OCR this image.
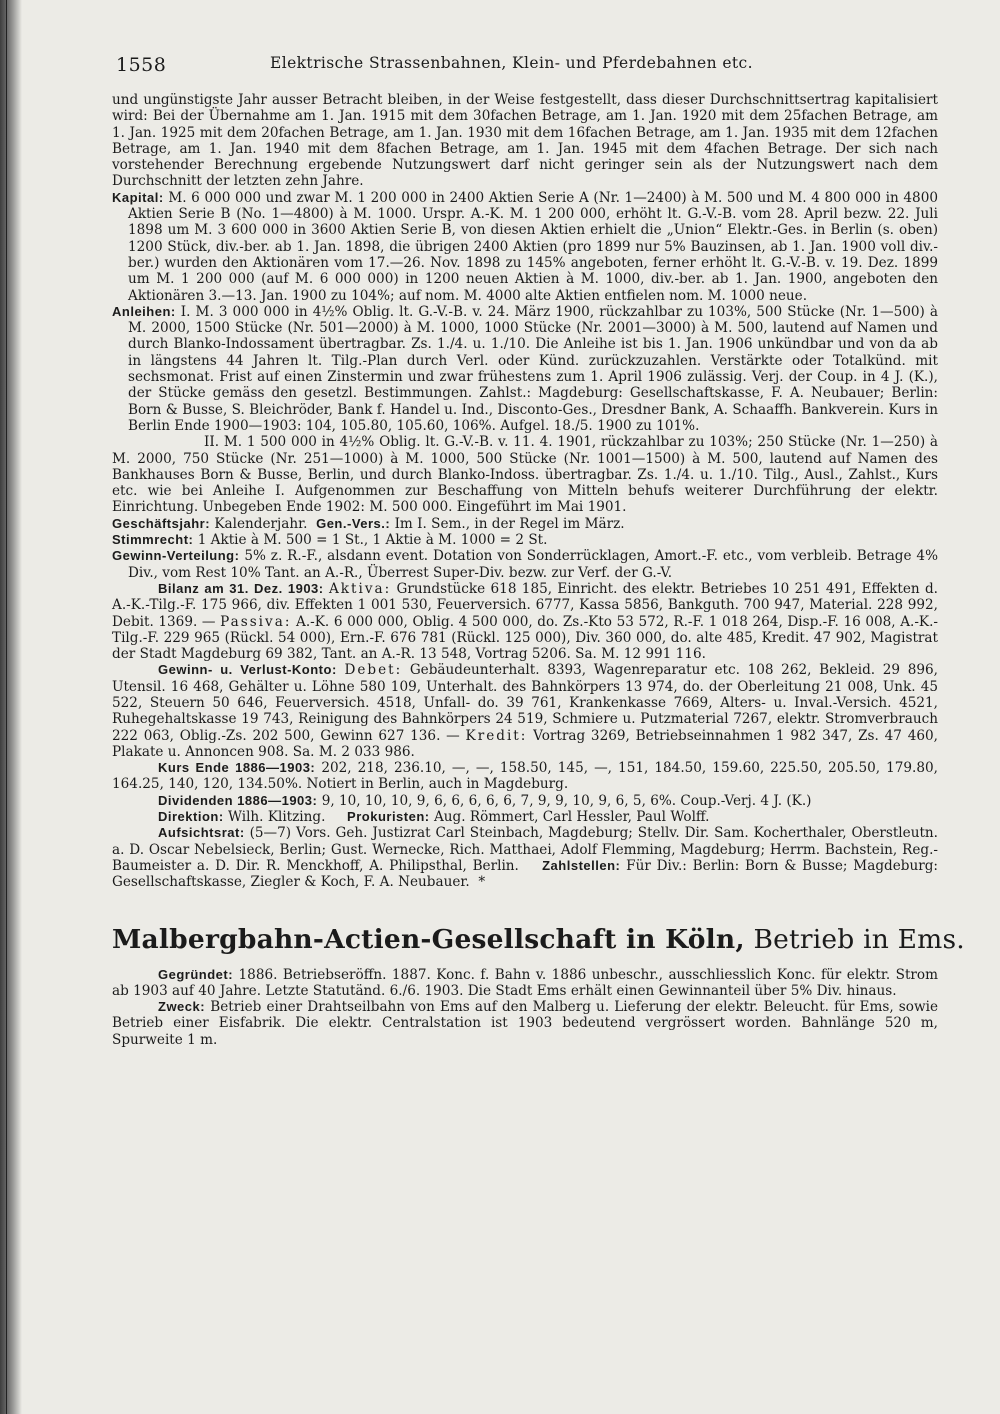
1558	Elektrische Strassenbahnen, Klein- und Pferdebahnen etc.

und ungünstigste Jahr ausser Betracht bleiben, in der Weise festgestellt, dass dieser Durchschnittsertrag kapitalisiert wird: Bei der Übernahme am 1. Jan. 1915 mit dem 30fachen Betrage, am 1. Jan. 1920 mit dem 25fachen Betrage, am 1. Jan. 1925 mit dem 20fachen Betrage, am 1. Jan. 1930 mit dem 16fachen Betrage, am 1. Jan. 1935 mit dem 12fachen Betrage, am 1. Jan. 1940 mit dem 8fachen Betrage, am 1. Jan. 1945 mit dem 4fachen Betrage. Der sich nach vorstehender Berechnung ergebende Nutzungswert darf nicht geringer sein als der Nutzungswert nach dem Durchschnitt der letzten zehn Jahre.

Kapital: M. 6 000 000 und zwar M. 1 200 000 in 2400 Aktien Serie A (Nr. 1—2400) à M. 500 und M. 4 800 000 in 4800 Aktien Serie B (No. 1—4800) à M. 1000. Urspr. A.-K. M. 1 200 000, erhöht lt. G.-V.-B. vom 28. April bezw. 22. Juli 1898 um M. 3 600 000 in 3600 Aktien Serie B, von diesen Aktien erhielt die „Union“ Elektr.-Ges. in Berlin (s. oben) 1200 Stück, div.-ber. ab 1. Jan. 1898, die übrigen 2400 Aktien (pro 1899 nur 5% Bauzinsen, ab 1. Jan. 1900 voll div.-ber.) wurden den Aktionären vom 17.—26. Nov. 1898 zu 145% angeboten, ferner erhöht lt. G.-V.-B. v. 19. Dez. 1899 um M. 1 200 000 (auf M. 6 000 000) in 1200 neuen Aktien à M. 1000, div.-ber. ab 1. Jan. 1900, angeboten den Aktionären 3.—13. Jan. 1900 zu 104%; auf nom. M. 4000 alte Aktien entfielen nom. M. 1000 neue.

Anleihen: I. M. 3 000 000 in 4½% Oblig. lt. G.-V.-B. v. 24. März 1900, rückzahlbar zu 103%, 500 Stücke (Nr. 1—500) à M. 2000, 1500 Stücke (Nr. 501—2000) à M. 1000, 1000 Stücke (Nr. 2001—3000) à M. 500, lautend auf Namen und durch Blanko-Indossament übertragbar. Zs. 1./4. u. 1./10. Die Anleihe ist bis 1. Jan. 1906 unkündbar und von da ab in längstens 44 Jahren lt. Tilg.-Plan durch Verl. oder Künd. zurückzuzahlen. Verstärkte oder Totalkünd. mit sechsmonat. Frist auf einen Zinstermin und zwar frühestens zum 1. April 1906 zulässig. Verj. der Coup. in 4 J. (K.), der Stücke gemäss den gesetzl. Bestimmungen. Zahlst.: Magdeburg: Gesellschaftskasse, F. A. Neubauer; Berlin: Born & Busse, S. Bleichröder, Bank f. Handel u. Ind., Disconto-Ges., Dresdner Bank, A. Schaaffh. Bankverein. Kurs in Berlin Ende 1900—1903: 104, 105.80, 105.60, 106%. Aufgel. 18./5. 1900 zu 101%.

II. M. 1 500 000 in 4½% Oblig. lt. G.-V.-B. v. 11. 4. 1901, rückzahlbar zu 103%; 250 Stücke (Nr. 1—250) à M. 2000, 750 Stücke (Nr. 251—1000) à M. 1000, 500 Stücke (Nr. 1001—1500) à M. 500, lautend auf Namen des Bankhauses Born & Busse, Berlin, und durch Blanko-Indoss. übertragbar. Zs. 1./4. u. 1./10. Tilg., Ausl., Zahlst., Kurs etc. wie bei Anleihe I. Aufgenommen zur Beschaffung von Mitteln behufs weiterer Durchführung der elektr. Einrichtung. Unbegeben Ende 1902: M. 500 000. Eingeführt im Mai 1901.

Geschäftsjahr: Kalenderjahr. Gen.-Vers.: Im I. Sem., in der Regel im März.

Stimmrecht: 1 Aktie à M. 500 = 1 St., 1 Aktie à M. 1000 = 2 St.

Gewinn-Verteilung: 5% z. R.-F., alsdann event. Dotation von Sonderrücklagen, Amort.-F. etc., vom verbleib. Betrage 4% Div., vom Rest 10% Tant. an A.-R., Überrest Super-Div. bezw. zur Verf. der G.-V.

Bilanz am 31. Dez. 1903: Aktiva: Grundstücke 618 185, Einricht. des elektr. Betriebes 10 251 491, Effekten d. A.-K.-Tilg.-F. 175 966, div. Effekten 1 001 530, Feuerversich. 6777, Kassa 5856, Bankguth. 700 947, Material. 228 992, Debit. 1369. — Passiva: A.-K. 6 000 000, Oblig. 4 500 000, do. Zs.-Kto 53 572, R.-F. 1 018 264, Disp.-F. 16 008, A.-K.-Tilg.-F. 229 965 (Rückl. 54 000), Ern.-F. 676 781 (Rückl. 125 000), Div. 360 000, do. alte 485, Kredit. 47 902, Magistrat der Stadt Magdeburg 69 382, Tant. an A.-R. 13 548, Vortrag 5206. Sa. M. 12 991 116.

Gewinn- u. Verlust-Konto: Debet: Gebäudeunterhalt. 8393, Wagenreparatur etc. 108 262, Bekleid. 29 896, Utensil. 16 468, Gehälter u. Löhne 580 109, Unterhalt. des Bahnkörpers 13 974, do. der Oberleitung 21 008, Unk. 45 522, Steuern 50 646, Feuerversich. 4518, Unfall- do. 39 761, Krankenkasse 7669, Alters- u. Inval.-Versich. 4521, Ruhegehaltskasse 19 743, Reinigung des Bahnkörpers 24 519, Schmiere u. Putzmaterial 7267, elektr. Stromverbrauch 222 063, Oblig.-Zs. 202 500, Gewinn 627 136. — Kredit: Vortrag 3269, Betriebseinnahmen 1 982 347, Zs. 47 460, Plakate u. Annoncen 908. Sa. M. 2 033 986.

Kurs Ende 1886—1903: 202, 218, 236.10, —, —, 158.50, 145, —, 151, 184.50, 159.60, 225.50, 205.50, 179.80, 164.25, 140, 120, 134.50%. Notiert in Berlin, auch in Magdeburg.

Dividenden 1886—1903: 9, 10, 10, 10, 9, 6, 6, 6, 6, 6, 7, 9, 9, 10, 9, 6, 5, 6%. Coup.-Verj. 4 J. (K.)

Direktion: Wilh. Klitzing. Prokuristen: Aug. Römmert, Carl Hessler, Paul Wolff.

Aufsichtsrat: (5—7) Vors. Geh. Justizrat Carl Steinbach, Magdeburg; Stellv. Dir. Sam. Kocherthaler, Oberstleutn. a. D. Oscar Nebelsieck, Berlin; Gust. Wernecke, Rich. Matthaei, Adolf Flemming, Magdeburg; Herrm. Bachstein, Reg.-Baumeister a. D. Dir. R. Menckhoff, A. Philipsthal, Berlin. Zahlstellen: Für Div.: Berlin: Born & Busse; Magdeburg: Gesellschaftskasse, Ziegler & Koch, F. A. Neubauer. *

Malbergbahn-Actien-Gesellschaft in Köln, Betrieb in Ems.

Gegründet: 1886. Betriebseröffn. 1887. Konc. f. Bahn v. 1886 unbeschr., ausschliesslich Konc. für elektr. Strom ab 1903 auf 40 Jahre. Letzte Statutänd. 6./6. 1903. Die Stadt Ems erhält einen Gewinnanteil über 5% Div. hinaus.

Zweck: Betrieb einer Drahtseilbahn von Ems auf den Malberg u. Lieferung der elektr. Beleucht. für Ems, sowie Betrieb einer Eisfabrik. Die elektr. Centralstation ist 1903 bedeutend vergrössert worden. Bahnlänge 520 m, Spurweite 1 m.
